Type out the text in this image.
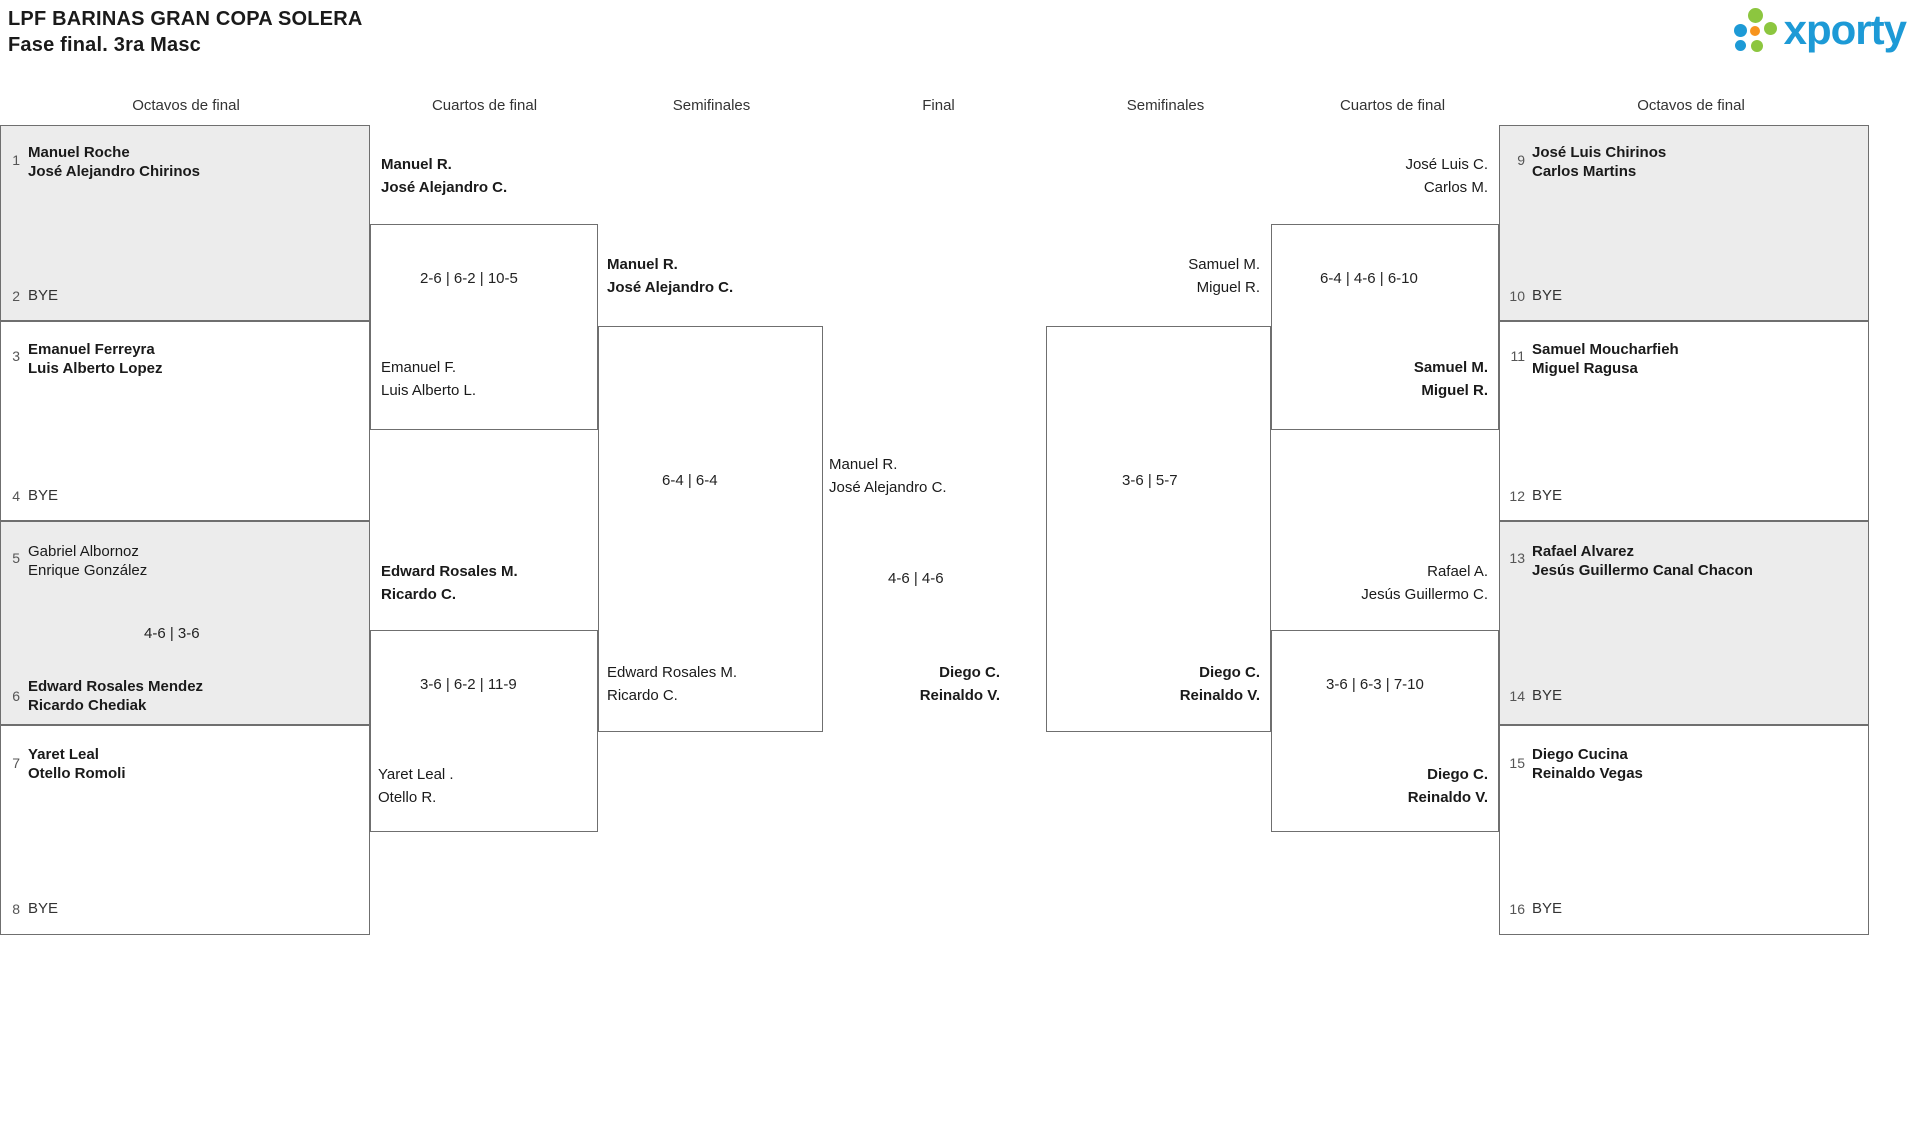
LPF BARINAS GRAN COPA SOLERA
Fase final. 3ra Masc	xporty
Octavos de final	Cuartos de final	Semifinales	Final	Semifinales	Cuartos de final	Octavos de final
1 Manuel Roche
José Alejandro Chirinos
2 BYE
3 Emanuel Ferreyra
Luis Alberto Lopez
4 BYE
5 Gabriel Albornoz
Enrique González
4-6 | 3-6
6
Edward Rosales Mendez
Ricardo Chediak
7 Yaret Leal
Otello Romoli
8 BYE
Manuel R.
José Alejandro C.
2-6 | 6-2 | 10-5
Emanuel F.
Luis Alberto L.
Edward Rosales M.
Ricardo C.
3-6 | 6-2 | 11-9
Yaret Leal .
Otello R.
Manuel R.
José Alejandro C.
6-4 | 6-4
Edward Rosales M.
Ricardo C.
Manuel R.
José Alejandro C.
4-6 | 4-6
Diego C.
Reinaldo V.
Samuel M.
Miguel R.
3-6 | 5-7
Diego C.
Reinaldo V.
José Luis C.
Carlos M.
6-4 | 4-6 | 6-10
Samuel M.
Miguel R.
Rafael A.
Jesús Guillermo C.
3-6 | 6-3 | 7-10
Diego C.
Reinaldo V.
9 José Luis Chirinos
Carlos Martins
10 BYE
11 Samuel Moucharfieh
Miguel Ragusa
12 BYE
13 Rafael Alvarez
Jesús Guillermo Canal Chacon
14 BYE
15 Diego Cucina
Reinaldo Vegas
16 BYE
